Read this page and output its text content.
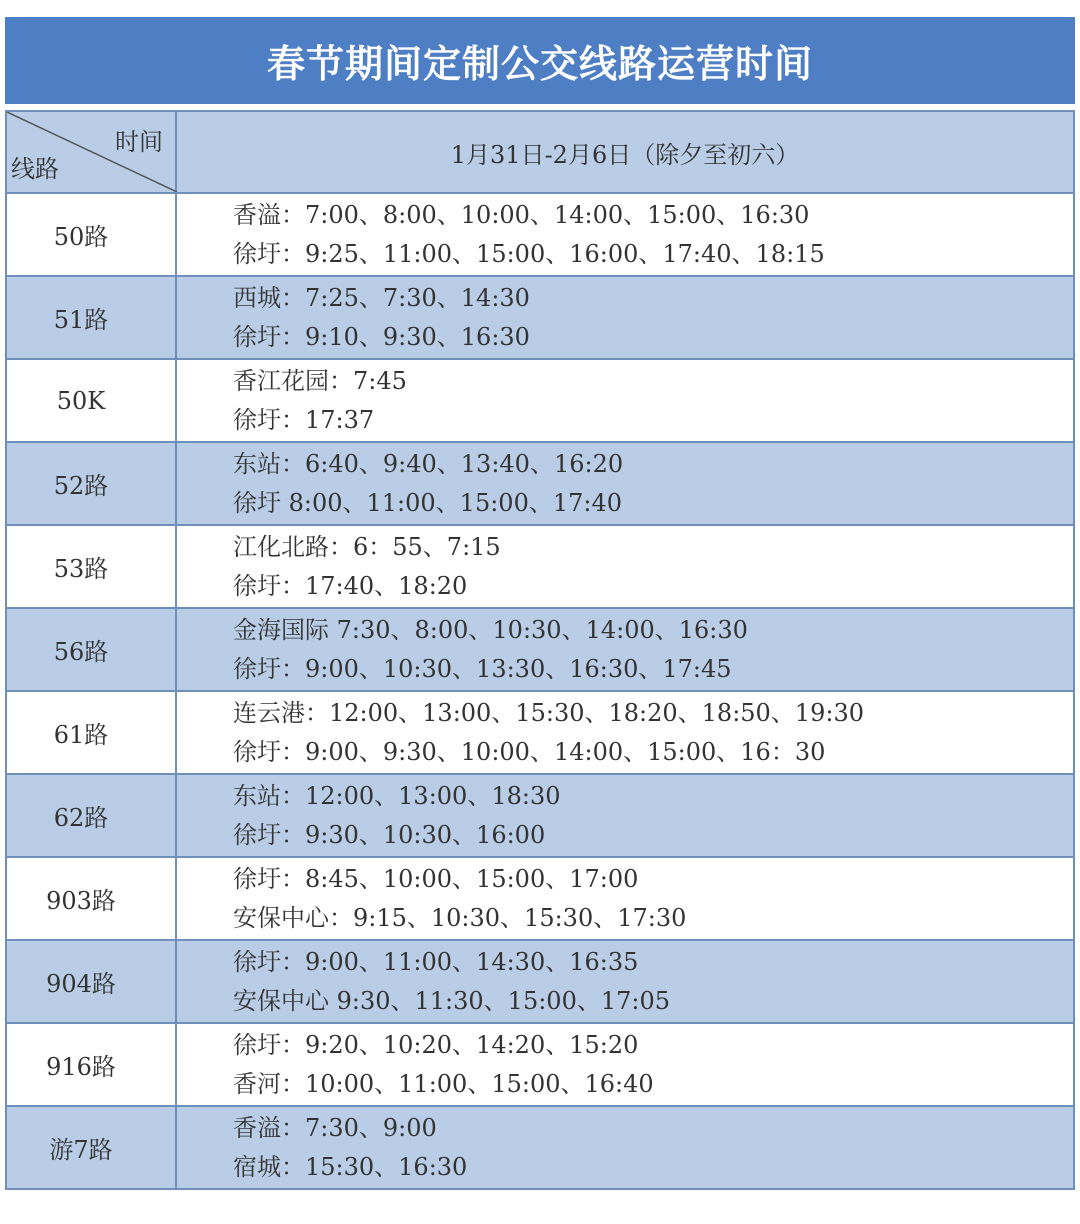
春节期间定制公交线路运营时间
时间
线路	1月31日-2月6日（除夕至初六）
50路	香溢：7:00、8:00、10:00、14:00、15:00、16:30
徐圩：9:25、11:00、15:00、16:00、17:40、18:15

51路	西城：7:25、7:30、14:30
徐圩：9:10、9:30、16:30

50K	香江花园：7:45
徐圩：17:37

52路	东站：6:40、9:40、13:40、16:20
徐圩 8:00、11:00、15:00、17:40

53路	江化北路：6：55、7:15
徐圩：17:40、18:20

56路	金海国际 7:30、8:00、10:30、14:00、16:30
徐圩：9:00、10:30、13:30、16:30、17:45

61路	连云港：12:00、13:00、15:30、18:20、18:50、19:30
徐圩：9:00、9:30、10:00、14:00、15:00、16：30

62路	东站：12:00、13:00、18:30
徐圩：9:30、10:30、16:00

903路	徐圩：8:45、10:00、15:00、17:00
安保中心：9:15、10:30、15:30、17:30

904路	徐圩：9:00、11:00、14:30、16:35
安保中心 9:30、11:30、15:00、17:05

916路	徐圩：9:20、10:20、14:20、15:20
香河：10:00、11:00、15:00、16:40

游7路	香溢：7:30、9:00
宿城：15:30、16:30
